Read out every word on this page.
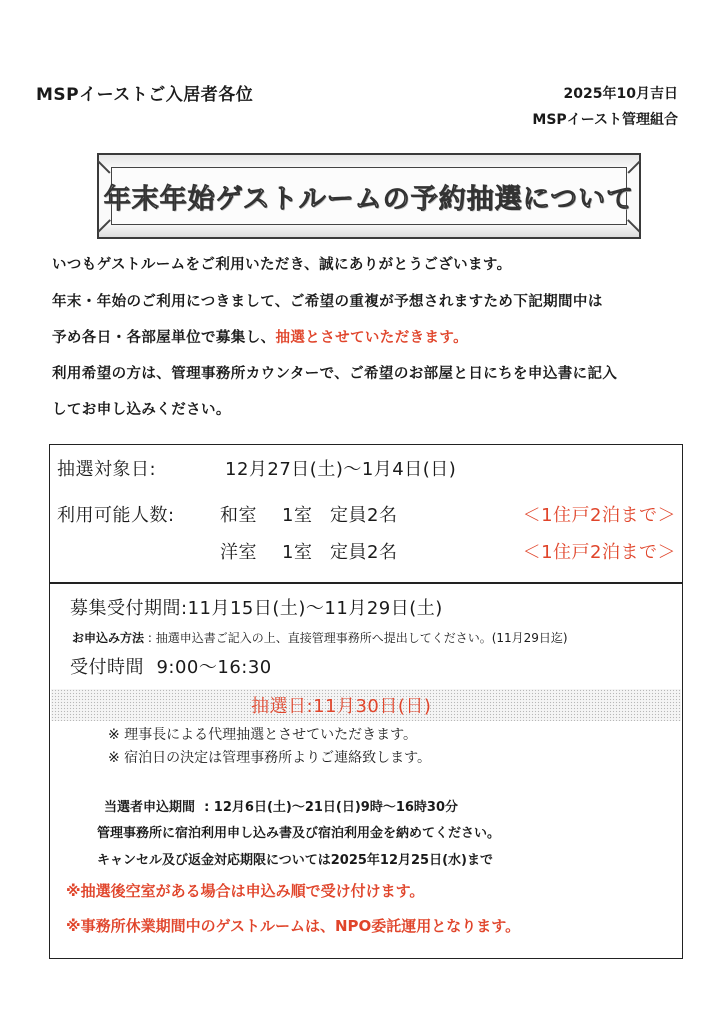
MSPイーストご入居者各位	2025年10月吉日
MSPイースト管理組合
年末年始ゲストルームの予約抽選について
いつもゲストルームをご利用いただき、誠にありがとうございます。
年末・年始のご利用につきまして、ご希望の重複が予想されますため下記期間中は
予め各日・各部屋単位で募集し、抽選とさせていただきます。
利用希望の方は、管理事務所カウンターで、ご希望のお部屋と日にちを申込書に記入
してお申し込みください。
抽選対象日:	12月27日(土)～1月4日(日)
利用可能人数:	和室 1室 定員2名	＜1住戸2泊まで＞
洋室 1室 定員2名	＜1住戸2泊まで＞
募集受付期間:11月15日(土)～11月29日(土)
お申込み方法 : 抽選申込書ご記入の上、直接管理事務所へ提出してください。(11月29日迄)
受付時間 9:00～16:30
抽選日:11月30日(日)
※ 理事長による代理抽選とさせていただきます。
※ 宿泊日の決定は管理事務所よりご連絡致します。
当選者申込期間 : 12月6日(土)～21日(日)9時～16時30分
管理事務所に宿泊利用申し込み書及び宿泊利用金を納めてください。
キャンセル及び返金対応期限については2025年12月25日(水)まで
※抽選後空室がある場合は申込み順で受け付けます。
※事務所休業期間中のゲストルームは、NPO委託運用となります。
